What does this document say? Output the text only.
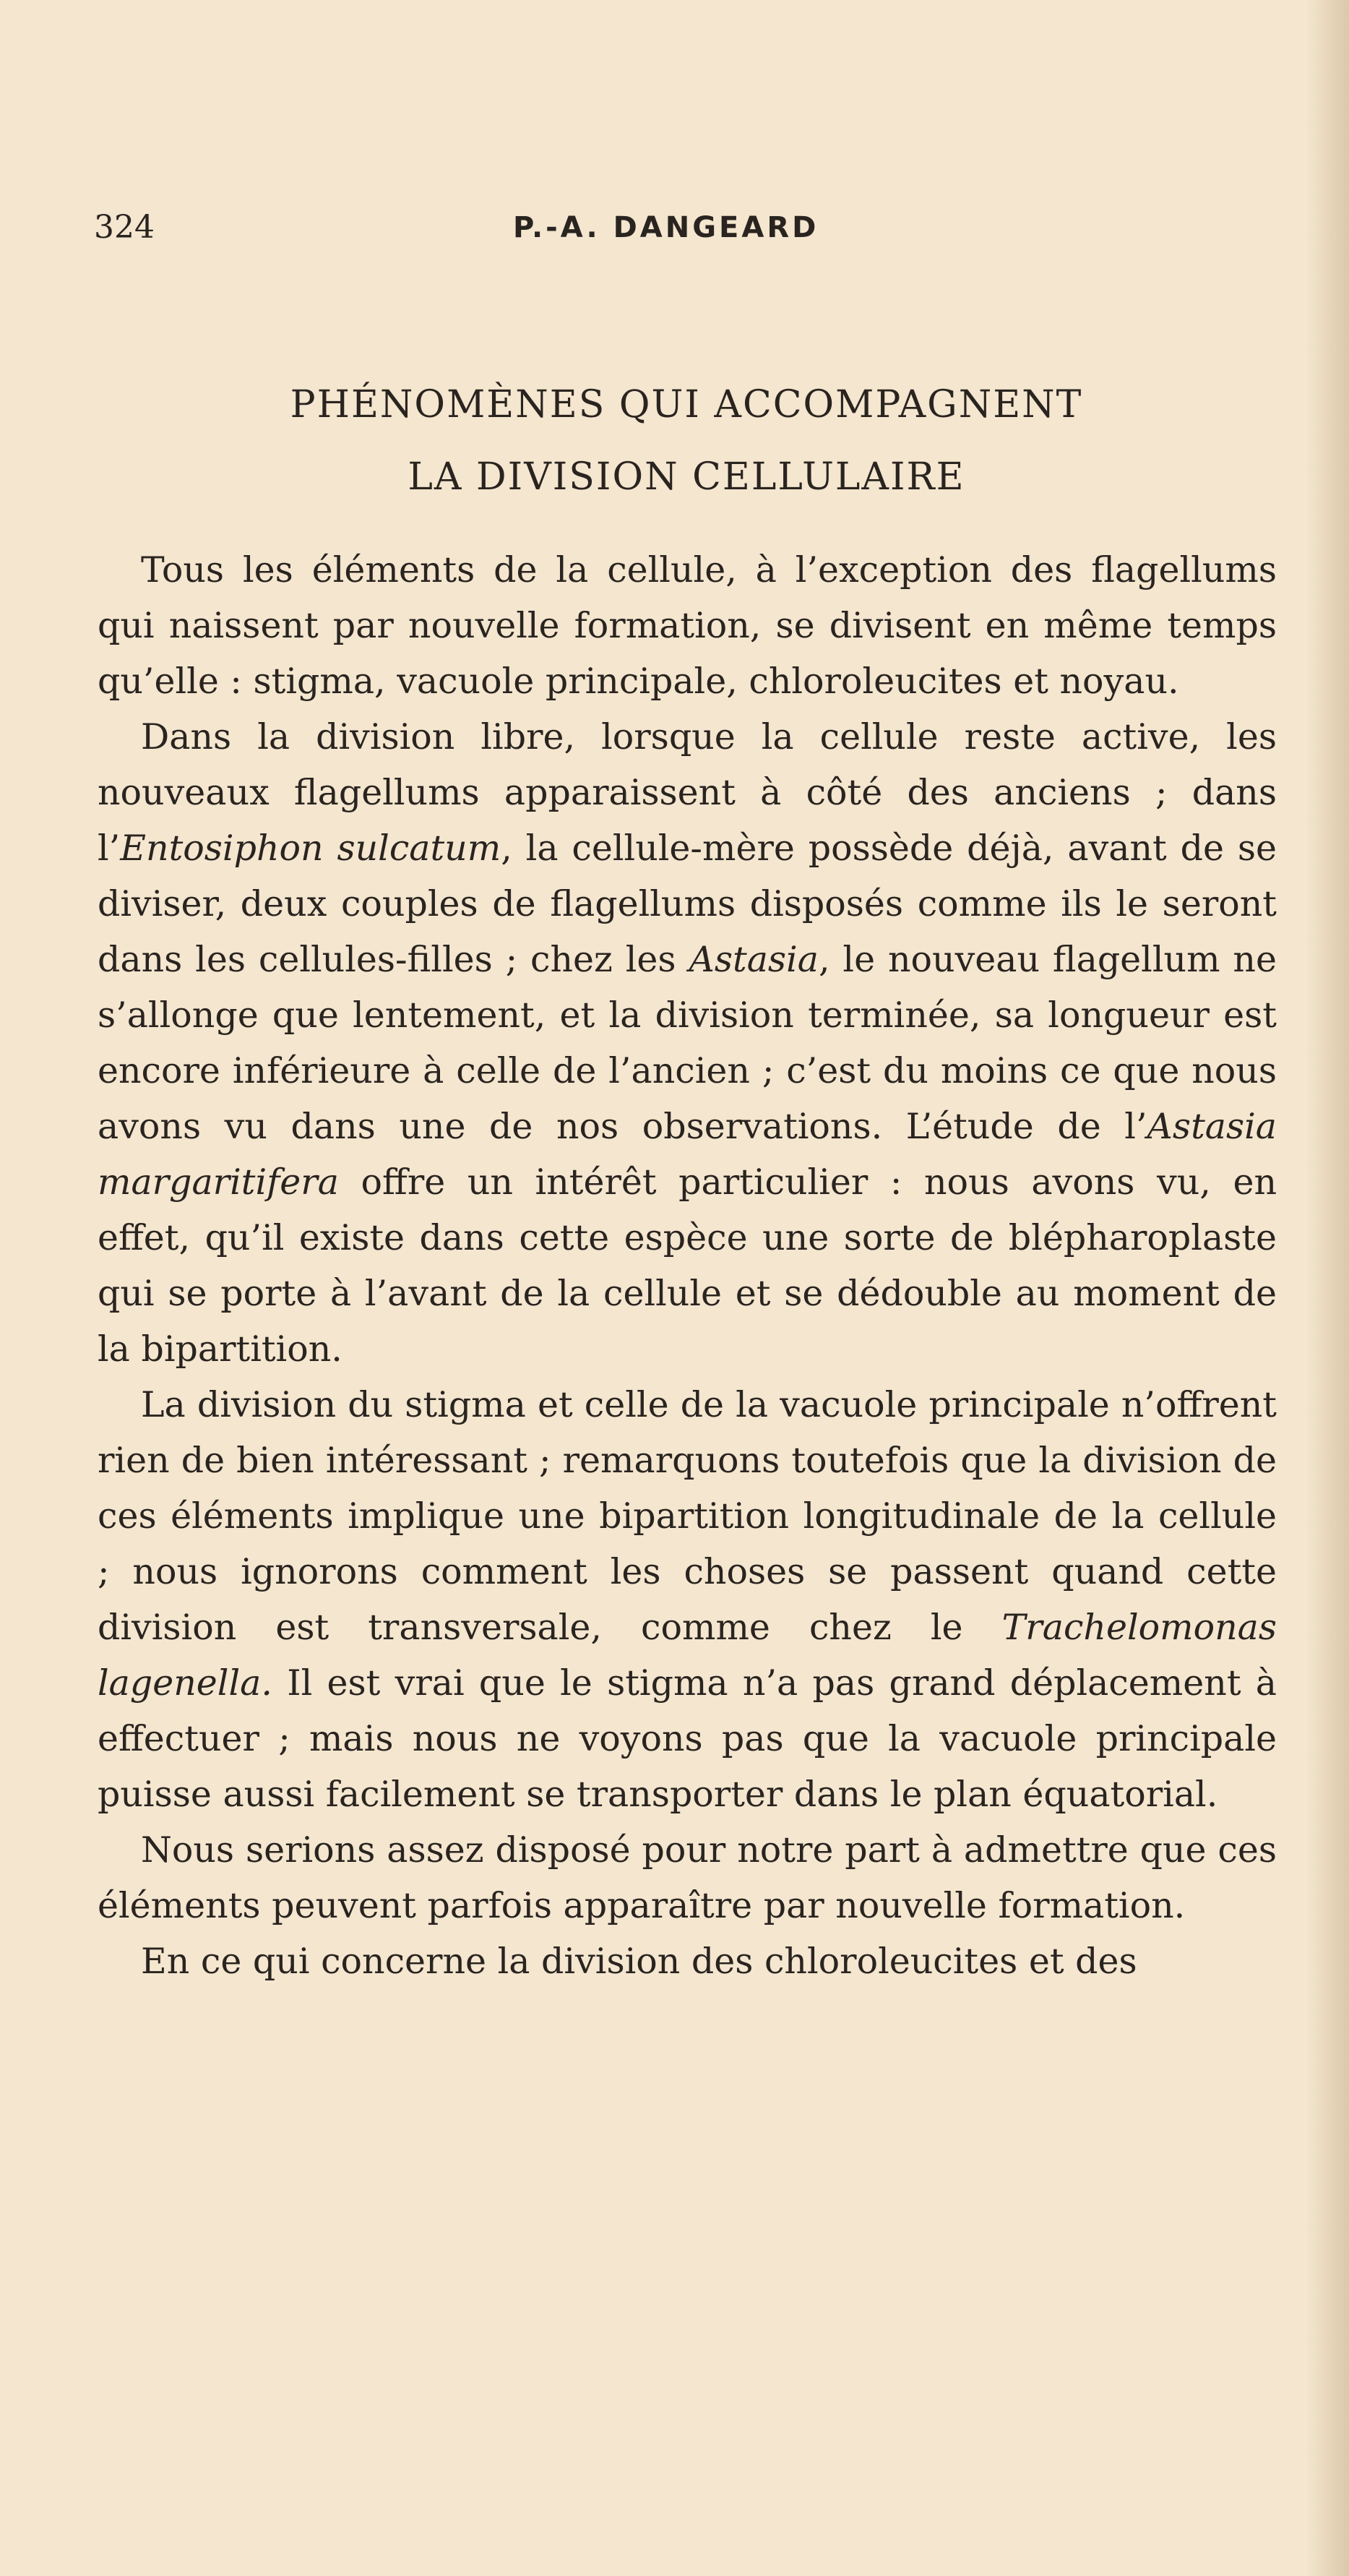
324	P.-A. DANGEARD
PHÉNOMÈNES QUI ACCOMPAGNENT
LA DIVISION CELLULAIRE

Tous les éléments de la cellule, à l’exception des flagellums qui naissent par nouvelle formation, se divisent en même temps qu’elle : stigma, vacuole principale, chloroleucites et noyau.

Dans la division libre, lorsque la cellule reste active, les nouveaux flagellums apparaissent à côté des anciens ; dans l’Entosiphon sulcatum, la cellule-mère possède déjà, avant de se diviser, deux couples de flagellums disposés comme ils le seront dans les cellules-filles ; chez les Astasia, le nouveau flagellum ne s’allonge que lentement, et la division terminée, sa longueur est encore inférieure à celle de l’ancien ; c’est du moins ce que nous avons vu dans une de nos observations. L’étude de l’Astasia margaritifera offre un intérêt particulier : nous avons vu, en effet, qu’il existe dans cette espèce une sorte de blépharoplaste qui se porte à l’avant de la cellule et se dédouble au moment de la bipartition.

La division du stigma et celle de la vacuole principale n’offrent rien de bien intéressant ; remarquons toutefois que la division de ces éléments implique une bipartition longitudinale de la cellule ; nous ignorons comment les choses se passent quand cette division est transversale, comme chez le Trachelomonas lagenella. Il est vrai que le stigma n’a pas grand déplacement à effectuer ; mais nous ne voyons pas que la vacuole principale puisse aussi facilement se transporter dans le plan équatorial.

Nous serions assez disposé pour notre part à admettre que ces éléments peuvent parfois apparaître par nouvelle formation.

En ce qui concerne la division des chloroleucites et des
